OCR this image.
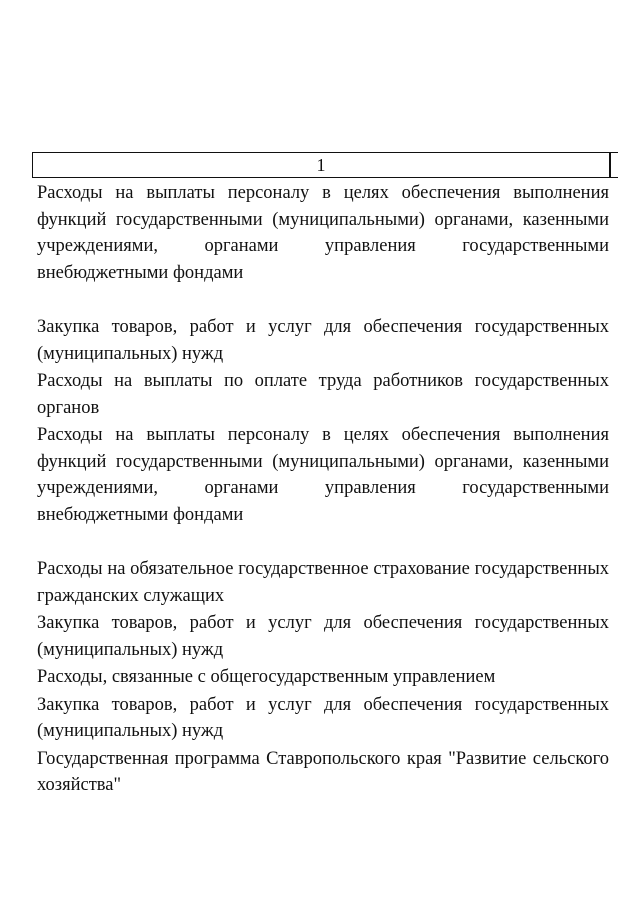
1

Расходы на выплаты персоналу в целях обеспечения выполнения функций государственными (муниципальными) органами, казенными учреждениями, органами управления государственными внебюджетными фондами

Закупка товаров, работ и услуг для обеспечения государственных (муниципальных) нужд

Расходы на выплаты по оплате труда работников государственных органов

Расходы на выплаты персоналу в целях обеспечения выполнения функций государственными (муниципальными) органами, казенными учреждениями, органами управления государственными внебюджетными фондами

Расходы на обязательное государственное страхование государственных гражданских служащих

Закупка товаров, работ и услуг для обеспечения государственных (муниципальных) нужд

Расходы, связанные с общегосударственным управлением

Закупка товаров, работ и услуг для обеспечения государственных (муниципальных) нужд

Государственная программа Ставропольского края "Развитие сельского хозяйства"
